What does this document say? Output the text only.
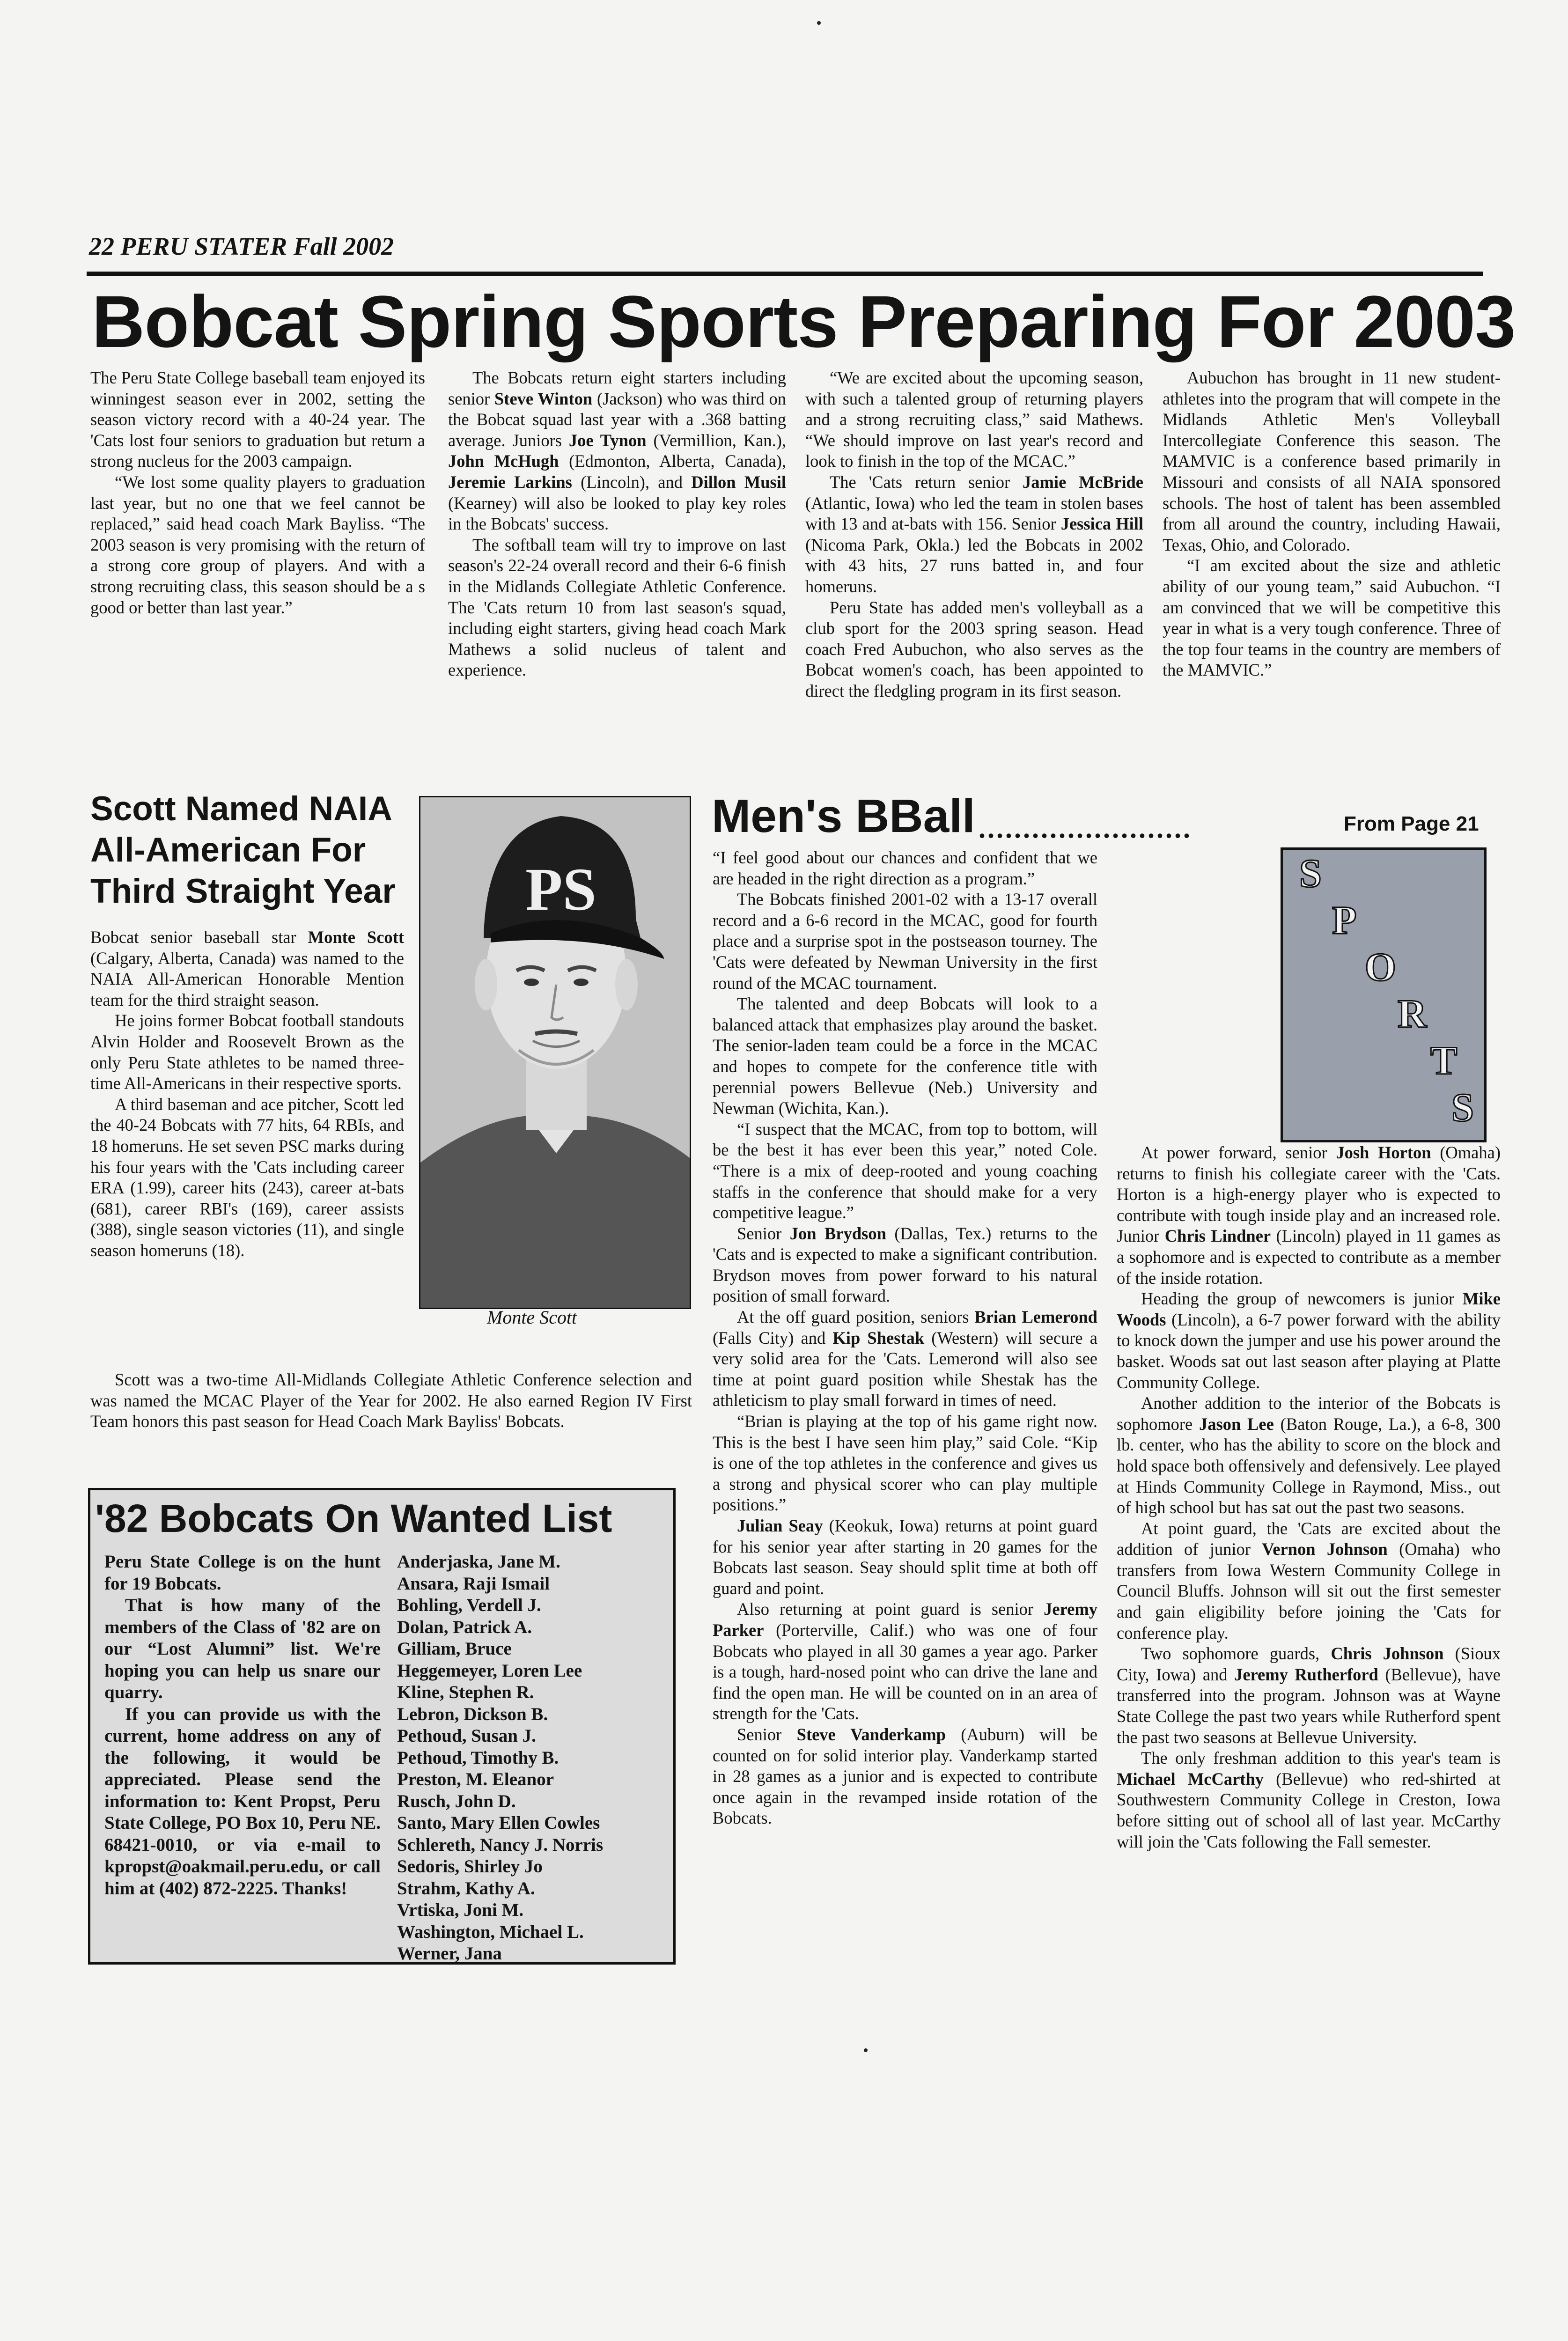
22 PERU STATER Fall 2002
Bobcat Spring Sports Preparing For 2003

The Peru State College baseball team enjoyed its winningest season ever in 2002, setting the season victory record with a 40-24 year. The 'Cats lost four seniors to graduation but return a strong nucleus for the 2003 campaign.

“We lost some quality players to graduation last year, but no one that we feel cannot be replaced,” said head coach Mark Bayliss. “The 2003 season is very promising with the return of a strong core group of players. And with a strong recruiting class, this season should be a s good or better than last year.”

The Bobcats return eight starters including senior Steve Winton (Jackson) who was third on the Bobcat squad last year with a .368 batting average. Juniors Joe Tynon (Vermillion, Kan.), John McHugh (Edmonton, Alberta, Canada), Jeremie Larkins (Lincoln), and Dillon Musil (Kearney) will also be looked to play key roles in the Bobcats' success.

The softball team will try to improve on last season's 22-24 overall record and their 6-6 finish in the Midlands Collegiate Athletic Conference. The 'Cats return 10 from last season's squad, including eight starters, giving head coach Mark Mathews a solid nucleus of talent and experience.

“We are excited about the upcoming season, with such a talented group of returning players and a strong recruiting class,” said Mathews. “We should improve on last year's record and look to finish in the top of the MCAC.”

The 'Cats return senior Jamie McBride (Atlantic, Iowa) who led the team in stolen bases with 13 and at-bats with 156. Senior Jessica Hill (Nicoma Park, Okla.) led the Bobcats in 2002 with 43 hits, 27 runs batted in, and four homeruns.

Peru State has added men's volleyball as a club sport for the 2003 spring season. Head coach Fred Aubuchon, who also serves as the Bobcat women's coach, has been appointed to direct the fledgling program in its first season.

Aubuchon has brought in 11 new student-athletes into the program that will compete in the Midlands Athletic Men's Volleyball Intercollegiate Conference this season. The MAMVIC is a conference based primarily in Missouri and consists of all NAIA sponsored schools. The host of talent has been assembled from all around the country, including Hawaii, Texas, Ohio, and Colorado.

“I am excited about the size and athletic ability of our young team,” said Aubuchon. “I am convinced that we will be competitive this year in what is a very tough conference. Three of the top four teams in the country are members of the MAMVIC.”

Scott Named NAIA All-American For Third Straight Year PS
Monte Scott

Bobcat senior baseball star Monte Scott (Calgary, Alberta, Canada) was named to the NAIA All-American Honorable Mention team for the third straight season.

He joins former Bobcat football standouts Alvin Holder and Roosevelt Brown as the only Peru State athletes to be named three-time All-Americans in their respective sports.

A third baseman and ace pitcher, Scott led the 40-24 Bobcats with 77 hits, 64 RBIs, and 18 homeruns. He set seven PSC marks during his four years with the 'Cats including career ERA (1.99), career hits (243), career at-bats (681), career RBI's (169), career assists (388), single season victories (11), and single season homeruns (18).

Scott was a two-time All-Midlands Collegiate Athletic Conference selection and was named the MCAC Player of the Year for 2002. He also earned Region IV First Team honors this past season for Head Coach Mark Bayliss' Bobcats.

'82 Bobcats On Wanted List

Peru State College is on the hunt for 19 Bobcats.

That is how many of the members of the Class of '82 are on our “Lost Alumni” list. We're hoping you can help us snare our quarry.

If you can provide us with the current, home address on any of the following, it would be appreciated. Please send the information to: Kent Propst, Peru State College, PO Box 10, Peru NE. 68421-0010, or via e-mail to kpropst@oakmail.peru.edu, or call him at (402) 872-2225. Thanks!

Anderjaska, Jane M.
Ansara, Raji Ismail
Bohling, Verdell J.
Dolan, Patrick A.
Gilliam, Bruce
Heggemeyer, Loren Lee
Kline, Stephen R.
Lebron, Dickson B.
Pethoud, Susan J.
Pethoud, Timothy B.
Preston, M. Eleanor
Rusch, John D.
Santo, Mary Ellen Cowles
Schlereth, Nancy J. Norris
Sedoris, Shirley Jo
Strahm, Kathy A.
Vrtiska, Joni M.
Washington, Michael L.
Werner, Jana
Men's BBall ........................	From Page 21

“I feel good about our chances and confident that we are headed in the right direction as a program.”

The Bobcats finished 2001-02 with a 13-17 overall record and a 6-6 record in the MCAC, good for fourth place and a surprise spot in the postseason tourney. The 'Cats were defeated by Newman University in the first round of the MCAC tournament.

The talented and deep Bobcats will look to a balanced attack that emphasizes play around the basket. The senior-laden team could be a force in the MCAC and hopes to compete for the conference title with perennial powers Bellevue (Neb.) University and Newman (Wichita, Kan.).

“I suspect that the MCAC, from top to bottom, will be the best it has ever been this year,” noted Cole. “There is a mix of deep-rooted and young coaching staffs in the conference that should make for a very competitive league.”

Senior Jon Brydson (Dallas, Tex.) returns to the 'Cats and is expected to make a significant contribution. Brydson moves from power forward to his natural position of small forward.

At the off guard position, seniors Brian Lemerond (Falls City) and Kip Shestak (Western) will secure a very solid area for the 'Cats. Lemerond will also see time at point guard position while Shestak has the athleticism to play small forward in times of need.

“Brian is playing at the top of his game right now. This is the best I have seen him play,” said Cole. “Kip is one of the top athletes in the conference and gives us a strong and physical scorer who can play multiple positions.”

Julian Seay (Keokuk, Iowa) returns at point guard for his senior year after starting in 20 games for the Bobcats last season. Seay should split time at both off guard and point.

Also returning at point guard is senior Jeremy Parker (Porterville, Calif.) who was one of four Bobcats who played in all 30 games a year ago. Parker is a tough, hard-nosed point who can drive the lane and find the open man. He will be counted on in an area of strength for the 'Cats.

Senior Steve Vanderkamp (Auburn) will be counted on for solid interior play. Vanderkamp started in 28 games as a junior and is expected to contribute once again in the revamped inside rotation of the Bobcats.

S
P
O
R
T
S

At power forward, senior Josh Horton (Omaha) returns to finish his collegiate career with the 'Cats. Horton is a high-energy player who is expected to contribute with tough inside play and an increased role. Junior Chris Lindner (Lincoln) played in 11 games as a sophomore and is expected to contribute as a member of the inside rotation.

Heading the group of newcomers is junior Mike Woods (Lincoln), a 6-7 power forward with the ability to knock down the jumper and use his power around the basket. Woods sat out last season after playing at Platte Community College.

Another addition to the interior of the Bobcats is sophomore Jason Lee (Baton Rouge, La.), a 6-8, 300 lb. center, who has the ability to score on the block and hold space both offensively and defensively. Lee played at Hinds Community College in Raymond, Miss., out of high school but has sat out the past two seasons.

At point guard, the 'Cats are excited about the addition of junior Vernon Johnson (Omaha) who transfers from Iowa Western Community College in Council Bluffs. Johnson will sit out the first semester and gain eligibility before joining the 'Cats for conference play.

Two sophomore guards, Chris Johnson (Sioux City, Iowa) and Jeremy Rutherford (Bellevue), have transferred into the program. Johnson was at Wayne State College the past two years while Rutherford spent the past two seasons at Bellevue University.

The only freshman addition to this year's team is Michael McCarthy (Bellevue) who red-shirted at Southwestern Community College in Creston, Iowa before sitting out of school all of last year. McCarthy will join the 'Cats following the Fall semester.
